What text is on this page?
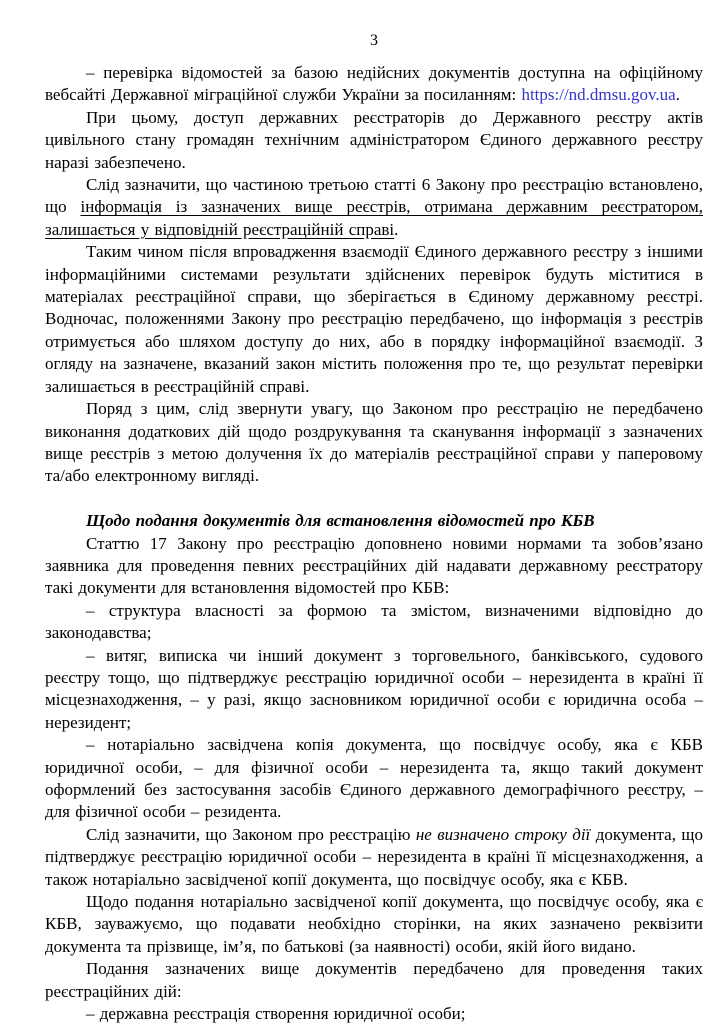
3

– перевірка відомостей за базою недійсних документів доступна на офіційному вебсайті Державної міграційної служби України за посиланням: https://nd.dmsu.gov.ua.

При цьому, доступ державних реєстраторів до Державного реєстру актів цивільного стану громадян технічним адміністратором Єдиного державного реєстру наразі забезпечено.

Слід зазначити, що частиною третьою статті 6 Закону про реєстрацію встановлено, що інформація із зазначених вище реєстрів, отримана державним реєстратором, залишається у відповідній реєстраційній справі.

Таким чином після впровадження взаємодії Єдиного державного реєстру з іншими інформаційними системами результати здійснених перевірок будуть міститися в матеріалах реєстраційної справи, що зберігається в Єдиному державному реєстрі. Водночас, положеннями Закону про реєстрацію передбачено, що інформація з реєстрів отримується або шляхом доступу до них, або в порядку інформаційної взаємодії. З огляду на зазначене, вказаний закон містить положення про те, що результат перевірки залишається в реєстраційній справі.

Поряд з цим, слід звернути увагу, що Законом про реєстрацію не передбачено виконання додаткових дій щодо роздрукування та сканування інформації з зазначених вище реєстрів з метою долучення їх до матеріалів реєстраційної справи у паперовому та/або електронному вигляді.

Щодо подання документів для встановлення відомостей про КБВ

Статтю 17 Закону про реєстрацію доповнено новими нормами та зобов’язано заявника для проведення певних реєстраційних дій надавати державному реєстратору такі документи для встановлення відомостей про КБВ:

– структура власності за формою та змістом, визначеними відповідно до законодавства;

– витяг, виписка чи інший документ з торговельного, банківського, судового реєстру тощо, що підтверджує реєстрацію юридичної особи – нерезидента в країні її місцезнаходження, – у разі, якщо засновником юридичної особи є юридична особа – нерезидент;

– нотаріально засвідчена копія документа, що посвідчує особу, яка є КБВ юридичної особи, – для фізичної особи – нерезидента та, якщо такий документ оформлений без застосування засобів Єдиного державного демографічного реєстру, – для фізичної особи – резидента.

Слід зазначити, що Законом про реєстрацію не визначено строку дії документа, що підтверджує реєстрацію юридичної особи – нерезидента в країні її місцезнаходження, а також нотаріально засвідченої копії документа, що посвідчує особу, яка є КБВ.

Щодо подання нотаріально засвідченої копії документа, що посвідчує особу, яка є КБВ, зауважуємо, що подавати необхідно сторінки, на яких зазначено реквізити документа та прізвище, ім’я, по батькові (за наявності) особи, якій його видано.

Подання зазначених вище документів передбачено для проведення таких реєстраційних дій:

– державна реєстрація створення юридичної особи;
